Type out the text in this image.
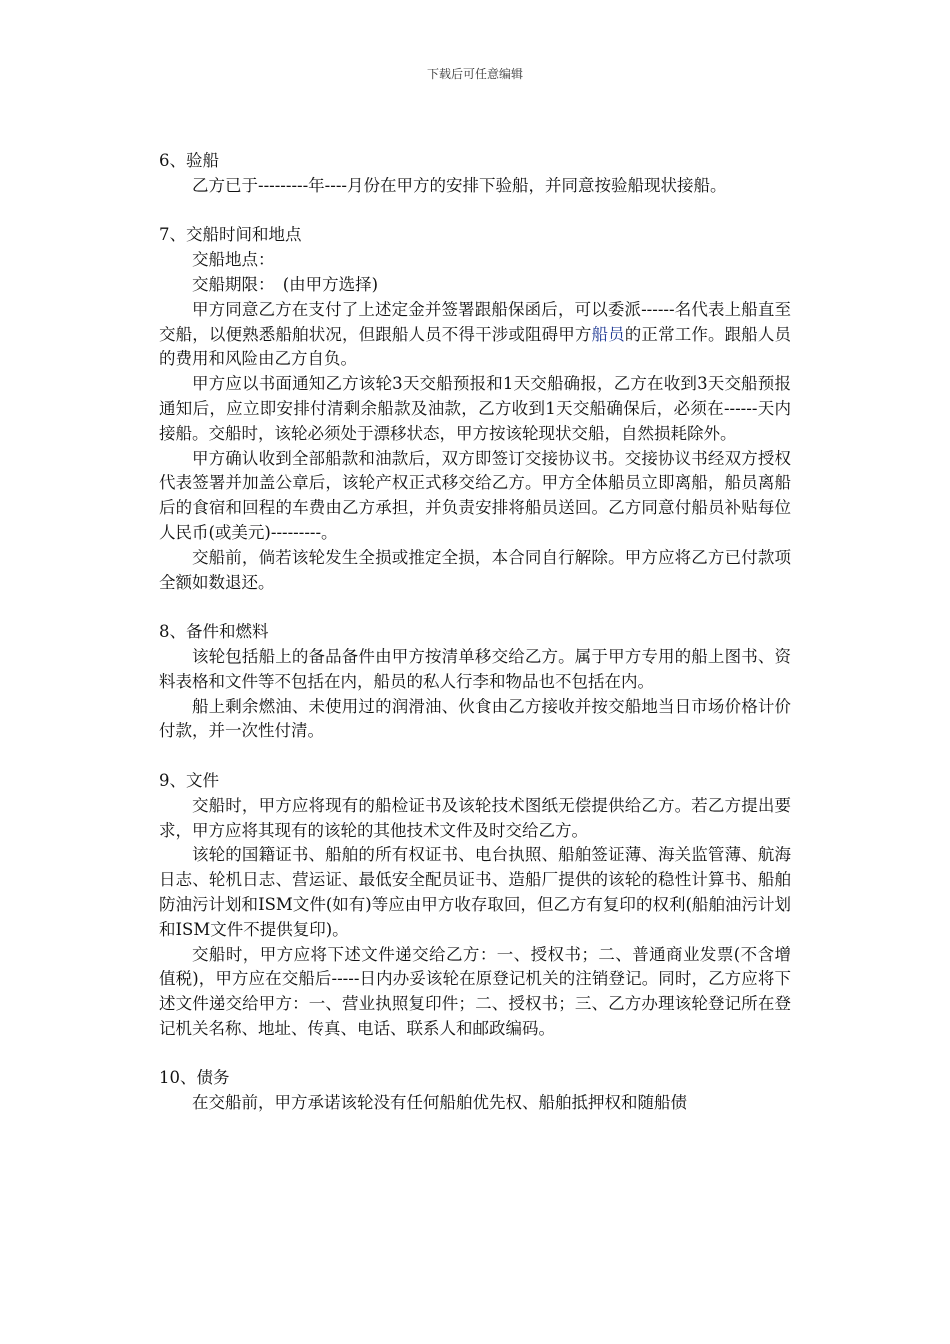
下载后可任意编辑

6、验船

乙方已于---------年----月份在甲方的安排下验船，并同意按验船现状接船。

7、交船时间和地点

交船地点：

交船期限：　(由甲方选择)

甲方同意乙方在支付了上述定金并签署跟船保函后，可以委派------名代表上船直至交船，以便熟悉船舶状况，但跟船人员不得干涉或阻碍甲方船员的正常工作。跟船人员的费用和风险由乙方自负。

甲方应以书面通知乙方该轮3天交船预报和1天交船确报，乙方在收到3天交船预报通知后，应立即安排付清剩余船款及油款，乙方收到1天交船确保后，必须在------天内接船。交船时，该轮必须处于漂移状态，甲方按该轮现状交船，自然损耗除外。

甲方确认收到全部船款和油款后，双方即签订交接协议书。交接协议书经双方授权代表签署并加盖公章后，该轮产权正式移交给乙方。甲方全体船员立即离船，船员离船后的食宿和回程的车费由乙方承担，并负责安排将船员送回。乙方同意付船员补贴每位人民币(或美元)---------。

交船前，倘若该轮发生全损或推定全损，本合同自行解除。甲方应将乙方已付款项全额如数退还。

8、备件和燃料

该轮包括船上的备品备件由甲方按清单移交给乙方。属于甲方专用的船上图书、资料表格和文件等不包括在内，船员的私人行李和物品也不包括在内。

船上剩余燃油、未使用过的润滑油、伙食由乙方接收并按交船地当日市场价格计价付款，并一次性付清。

9、文件

交船时，甲方应将现有的船检证书及该轮技术图纸无偿提供给乙方。若乙方提出要求，甲方应将其现有的该轮的其他技术文件及时交给乙方。

该轮的国籍证书、船舶的所有权证书、电台执照、船舶签证薄、海关监管薄、航海日志、轮机日志、营运证、最低安全配员证书、造船厂提供的该轮的稳性计算书、船舶防油污计划和ISM文件(如有)等应由甲方收存取回，但乙方有复印的权利(船舶油污计划和ISM文件不提供复印)。

交船时，甲方应将下述文件递交给乙方：一、授权书；二、普通商业发票(不含增值税)，甲方应在交船后-----日内办妥该轮在原登记机关的注销登记。同时，乙方应将下述文件递交给甲方：一、营业执照复印件；二、授权书；三、乙方办理该轮登记所在登记机关名称、地址、传真、电话、联系人和邮政编码。

10、债务

在交船前，甲方承诺该轮没有任何船舶优先权、船舶抵押权和随船债
